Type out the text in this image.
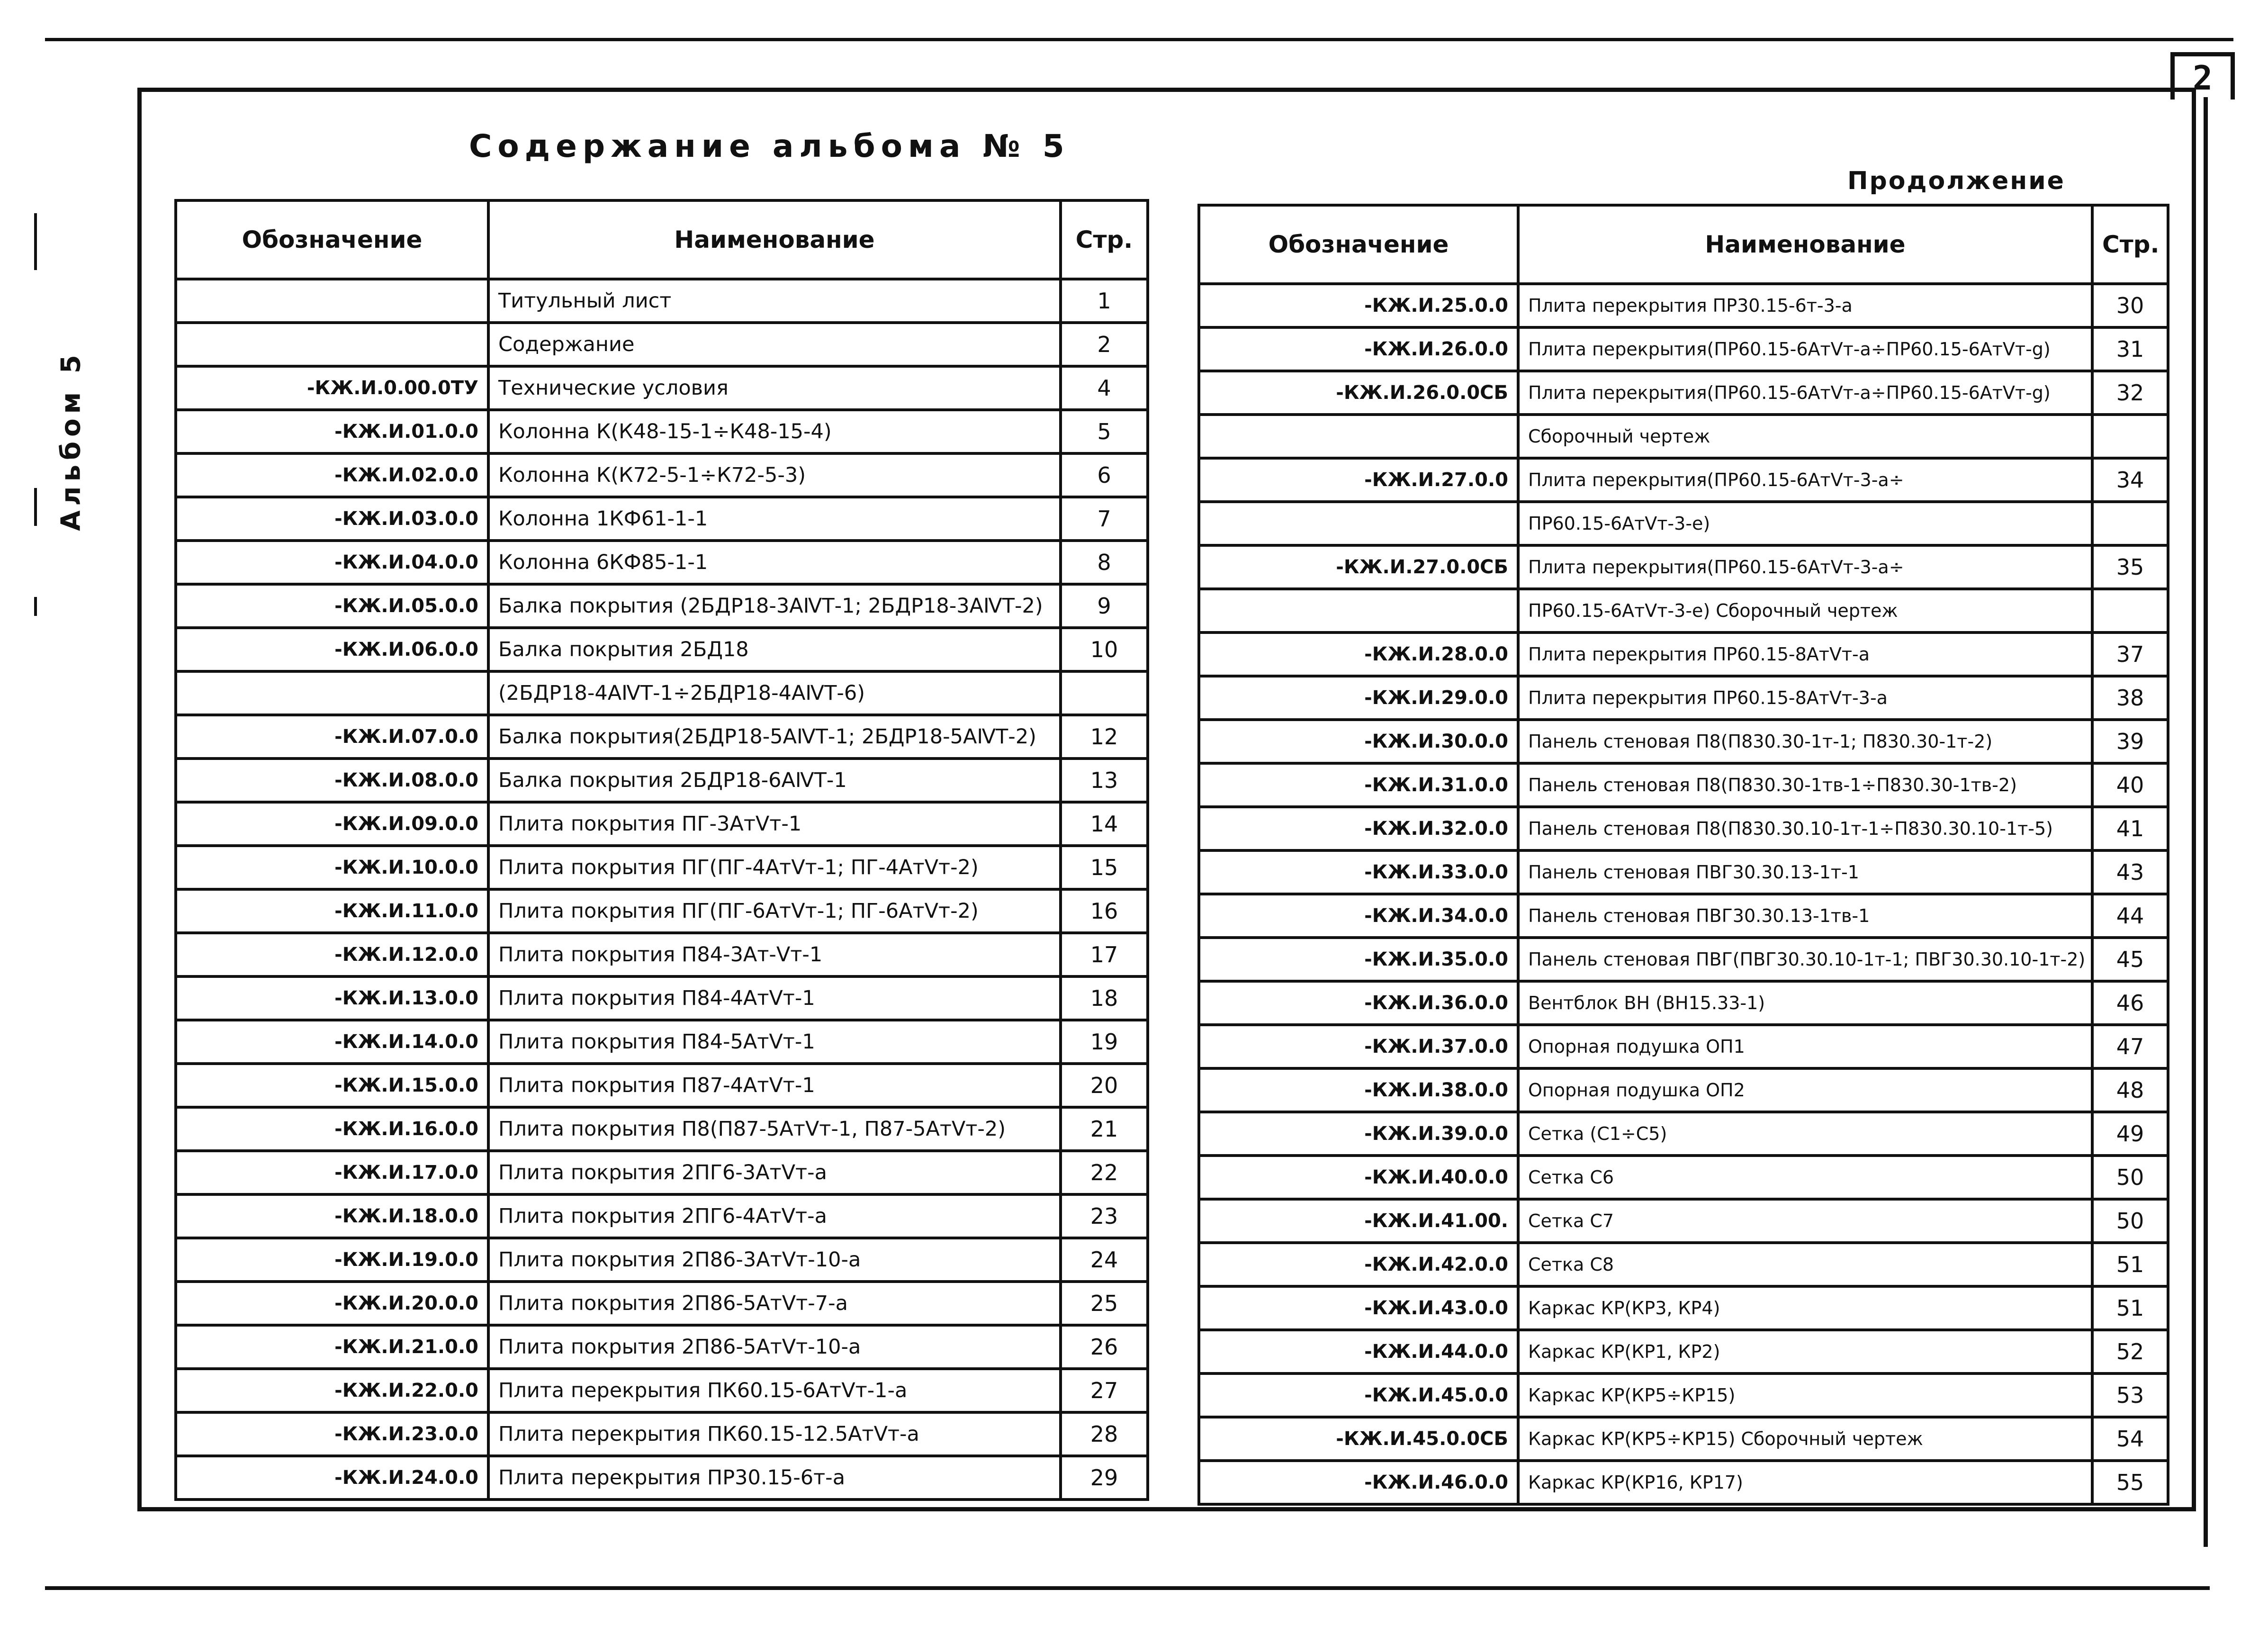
2
Альбом 5
Содержание альбома № 5
Продолжение
Обозначение	Наименование	Стр.
	Титульный лист	1
	Содержание	2
-КЖ.И.0.00.0ТУ	Технические условия	4
-КЖ.И.01.0.0	Колонна К(К48-15-1÷К48-15-4)	5
-КЖ.И.02.0.0	Колонна К(К72-5-1÷К72-5-3)	6
-КЖ.И.03.0.0	Колонна 1КФ61-1-1	7
-КЖ.И.04.0.0	Колонна 6КФ85-1-1	8
-КЖ.И.05.0.0	Балка покрытия (2БДР18-3АⅣТ-1; 2БДР18-3АⅣТ-2)	9
-КЖ.И.06.0.0	Балка покрытия 2БД18	10
	(2БДР18-4АⅣТ-1÷2БДР18-4АⅣТ-6)	
-КЖ.И.07.0.0	Балка покрытия(2БДР18-5АⅣТ-1; 2БДР18-5АⅣТ-2)	12
-КЖ.И.08.0.0	Балка покрытия 2БДР18-6АⅣТ-1	13
-КЖ.И.09.0.0	Плита покрытия ПГ-3АтⅤт-1	14
-КЖ.И.10.0.0	Плита покрытия ПГ(ПГ-4АтⅤт-1; ПГ-4АтⅤт-2)	15
-КЖ.И.11.0.0	Плита покрытия ПГ(ПГ-6АтⅤт-1; ПГ-6АтⅤт-2)	16
-КЖ.И.12.0.0	Плита покрытия П84-3Ат-Ⅴт-1	17
-КЖ.И.13.0.0	Плита покрытия П84-4АтⅤт-1	18
-КЖ.И.14.0.0	Плита покрытия П84-5АтⅤт-1	19
-КЖ.И.15.0.0	Плита покрытия П87-4АтⅤт-1	20
-КЖ.И.16.0.0	Плита покрытия П8(П87-5АтⅤт-1, П87-5АтⅤт-2)	21
-КЖ.И.17.0.0	Плита покрытия 2ПГ6-3АтⅤт-а	22
-КЖ.И.18.0.0	Плита покрытия 2ПГ6-4АтⅤт-а	23
-КЖ.И.19.0.0	Плита покрытия 2П86-3АтⅤт-10-а	24
-КЖ.И.20.0.0	Плита покрытия 2П86-5АтⅤт-7-а	25
-КЖ.И.21.0.0	Плита покрытия 2П86-5АтⅤт-10-а	26
-КЖ.И.22.0.0	Плита перекрытия ПК60.15-6АтⅤт-1-а	27
-КЖ.И.23.0.0	Плита перекрытия ПК60.15-12.5АтⅤт-а	28
-КЖ.И.24.0.0	Плита перекрытия ПР30.15-6т-а	29
Обозначение	Наименование	Стр.
-КЖ.И.25.0.0	Плита перекрытия ПР30.15-6т-3-а	30
-КЖ.И.26.0.0	Плита перекрытия(ПР60.15-6АтⅤт-а÷ПР60.15-6АтⅤт-g)	31
-КЖ.И.26.0.0СБ	Плита перекрытия(ПР60.15-6АтⅤт-а÷ПР60.15-6АтⅤт-g)	32
	Сборочный чертеж	
-КЖ.И.27.0.0	Плита перекрытия(ПР60.15-6АтⅤт-3-а÷	34
	ПР60.15-6АтⅤт-3-е)	
-КЖ.И.27.0.0СБ	Плита перекрытия(ПР60.15-6АтⅤт-3-а÷	35
	ПР60.15-6АтⅤт-3-е) Сборочный чертеж	
-КЖ.И.28.0.0	Плита перекрытия ПР60.15-8АтⅤт-а	37
-КЖ.И.29.0.0	Плита перекрытия ПР60.15-8АтⅤт-3-а	38
-КЖ.И.30.0.0	Панель стеновая П8(П830.30-1т-1; П830.30-1т-2)	39
-КЖ.И.31.0.0	Панель стеновая П8(П830.30-1тв-1÷П830.30-1тв-2)	40
-КЖ.И.32.0.0	Панель стеновая П8(П830.30.10-1т-1÷П830.30.10-1т-5)	41
-КЖ.И.33.0.0	Панель стеновая ПВГ30.30.13-1т-1	43
-КЖ.И.34.0.0	Панель стеновая ПВГ30.30.13-1тв-1	44
-КЖ.И.35.0.0	Панель стеновая ПВГ(ПВГ30.30.10-1т-1; ПВГ30.30.10-1т-2)	45
-КЖ.И.36.0.0	Вентблок ВН (ВН15.33-1)	46
-КЖ.И.37.0.0	Опорная подушка ОП1	47
-КЖ.И.38.0.0	Опорная подушка ОП2	48
-КЖ.И.39.0.0	Сетка (С1÷С5)	49
-КЖ.И.40.0.0	Сетка С6	50
-КЖ.И.41.00.	Сетка С7	50
-КЖ.И.42.0.0	Сетка С8	51
-КЖ.И.43.0.0	Каркас КР(КР3, КР4)	51
-КЖ.И.44.0.0	Каркас КР(КР1, КР2)	52
-КЖ.И.45.0.0	Каркас КР(КР5÷КР15)	53
-КЖ.И.45.0.0СБ	Каркас КР(КР5÷КР15) Сборочный чертеж	54
-КЖ.И.46.0.0	Каркас КР(КР16, КР17)	55
